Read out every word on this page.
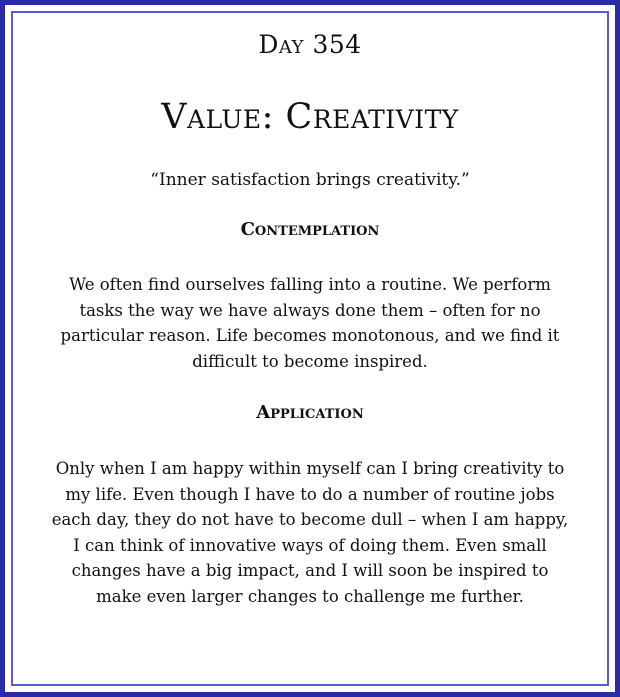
Day 354
Value: Creativity
“Inner satisfaction brings creativity.”
Contemplation
We often find ourselves falling into a routine. We perform tasks the way we have always done them – often for no particular reason. Life becomes monotonous, and we find it difficult to become inspired.
Application
Only when I am happy within myself can I bring creativity to my life. Even though I have to do a number of routine jobs each day, they do not have to become dull – when I am happy, I can think of innovative ways of doing them. Even small changes have a big impact, and I will soon be inspired to make even larger changes to challenge me further.
